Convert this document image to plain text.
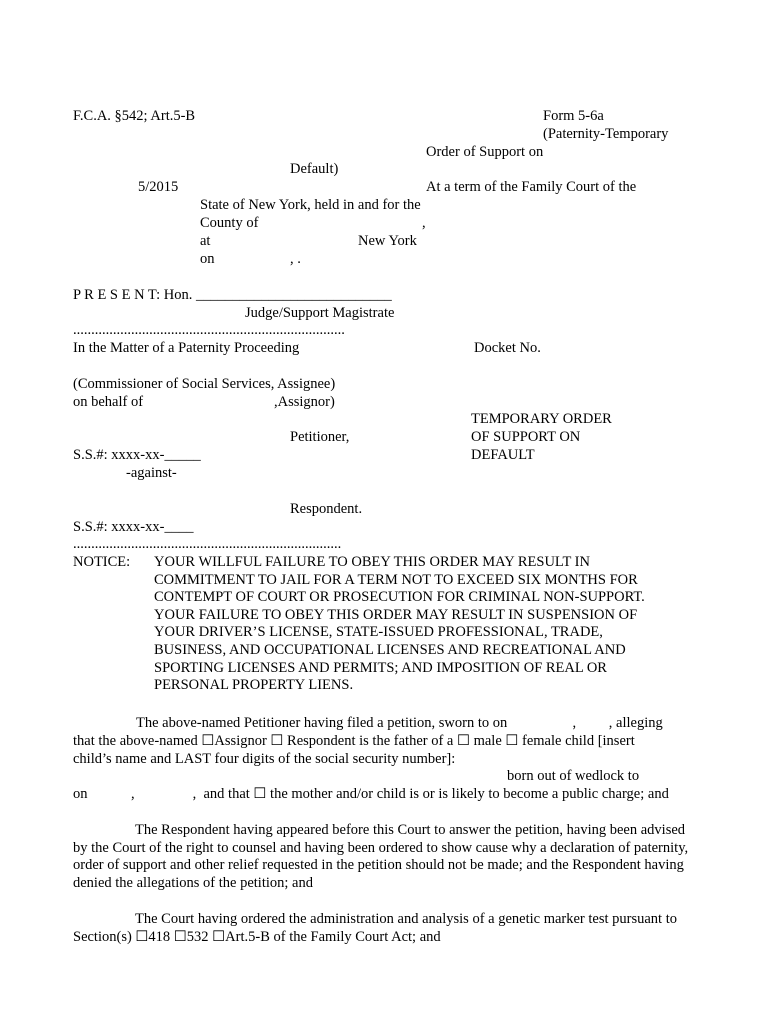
F.C.A. §542; Art.5-B	Form 5-6a
(Paternity-Temporary
Order of Support on
Default)
5/2015	At a term of the Family Court of the
State of New York, held in and for the
County of	,
at	New York
on	, .
P R E S E N T: Hon. ___________________________
Judge/Support Magistrate
...........................................................................
In the Matter of a Paternity Proceeding	Docket No.
(Commissioner of Social Services, Assignee)
on behalf of	,Assignor)
TEMPORARY ORDER
Petitioner,	OF SUPPORT ON
S.S.#: xxxx-xx-_____	DEFAULT
-against-
Respondent.
S.S.#: xxxx-xx-____
..........................................................................
NOTICE: YOUR WILLFUL FAILURE TO OBEY THIS ORDER MAY RESULT IN
COMMITMENT TO JAIL FOR A TERM NOT TO EXCEED SIX MONTHS FOR
CONTEMPT OF COURT OR PROSECUTION FOR CRIMINAL NON-SUPPORT.
YOUR FAILURE TO OBEY THIS ORDER MAY RESULT IN SUSPENSION OF
YOUR DRIVER’S LICENSE, STATE-ISSUED PROFESSIONAL, TRADE,
BUSINESS, AND OCCUPATIONAL LICENSES AND RECREATIONAL AND
SPORTING LICENSES AND PERMITS; AND IMPOSITION OF REAL OR
PERSONAL PROPERTY LIENS.
The above-named Petitioner having filed a petition, sworn to on                  ,         , alleging
that the above-named ☐Assignor ☐ Respondent is the father of a ☐ male ☐ female child [insert
child’s name and LAST four digits of the social security number]:
born out of wedlock to
on            ,                ,  and that ☐ the mother and/or child is or is likely to become a public charge; and
The Respondent having appeared before this Court to answer the petition, having been advised by the Court of the right to counsel and having been ordered to show cause why a declaration of paternity, order of support and other relief requested in the petition should not be made; and the Respondent having denied the allegations of the petition; and
The Court having ordered the administration and analysis of a genetic marker test pursuant to Section(s) ☐418 ☐532 ☐Art.5-B of the Family Court Act; and
